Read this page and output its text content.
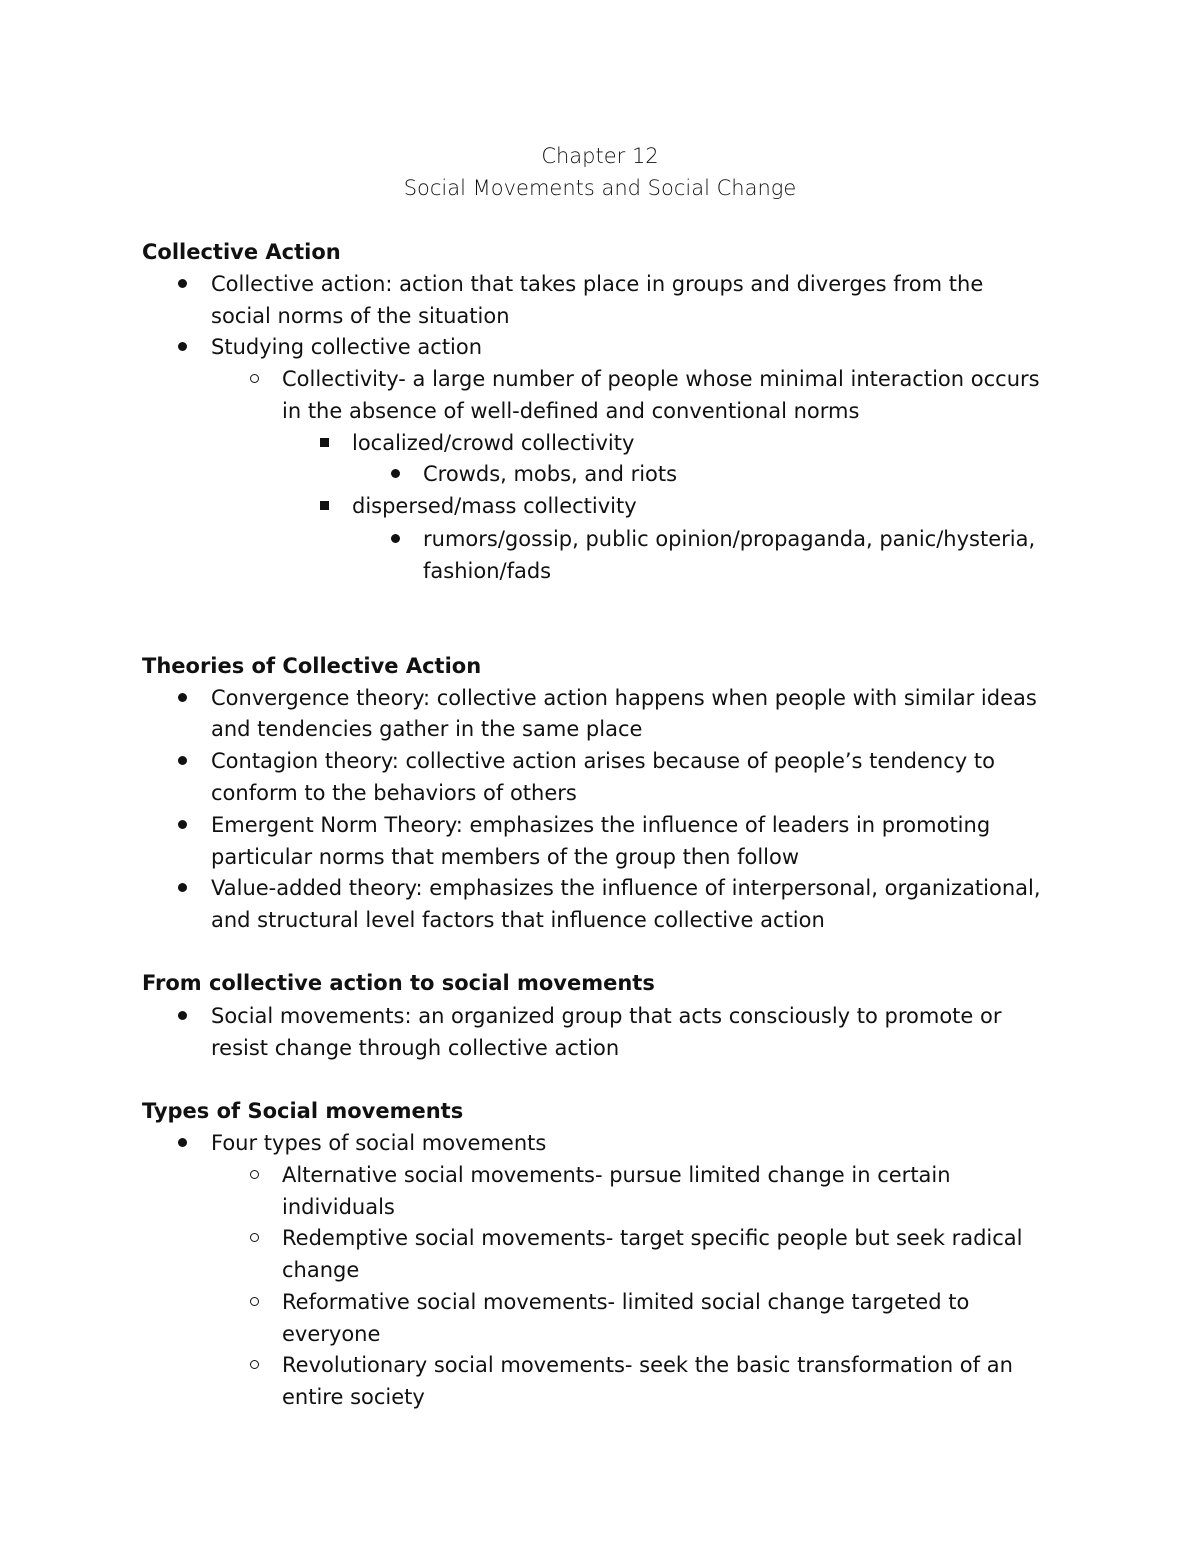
Chapter 12
Social Movements and Social Change
Collective Action
Collective action: action that takes place in groups and diverges from the
social norms of the situation
Studying collective action
Collectivity- a large number of people whose minimal interaction occurs
in the absence of well-defined and conventional norms
localized/crowd collectivity
Crowds, mobs, and riots
dispersed/mass collectivity
rumors/gossip, public opinion/propaganda, panic/hysteria,
fashion/fads
Theories of Collective Action
Convergence theory: collective action happens when people with similar ideas
and tendencies gather in the same place
Contagion theory: collective action arises because of people’s tendency to
conform to the behaviors of others
Emergent Norm Theory: emphasizes the influence of leaders in promoting
particular norms that members of the group then follow
Value-added theory: emphasizes the influence of interpersonal, organizational,
and structural level factors that influence collective action
From collective action to social movements
Social movements: an organized group that acts consciously to promote or
resist change through collective action
Types of Social movements
Four types of social movements
Alternative social movements- pursue limited change in certain
individuals
Redemptive social movements- target specific people but seek radical
change
Reformative social movements- limited social change targeted to
everyone
Revolutionary social movements- seek the basic transformation of an
entire society
